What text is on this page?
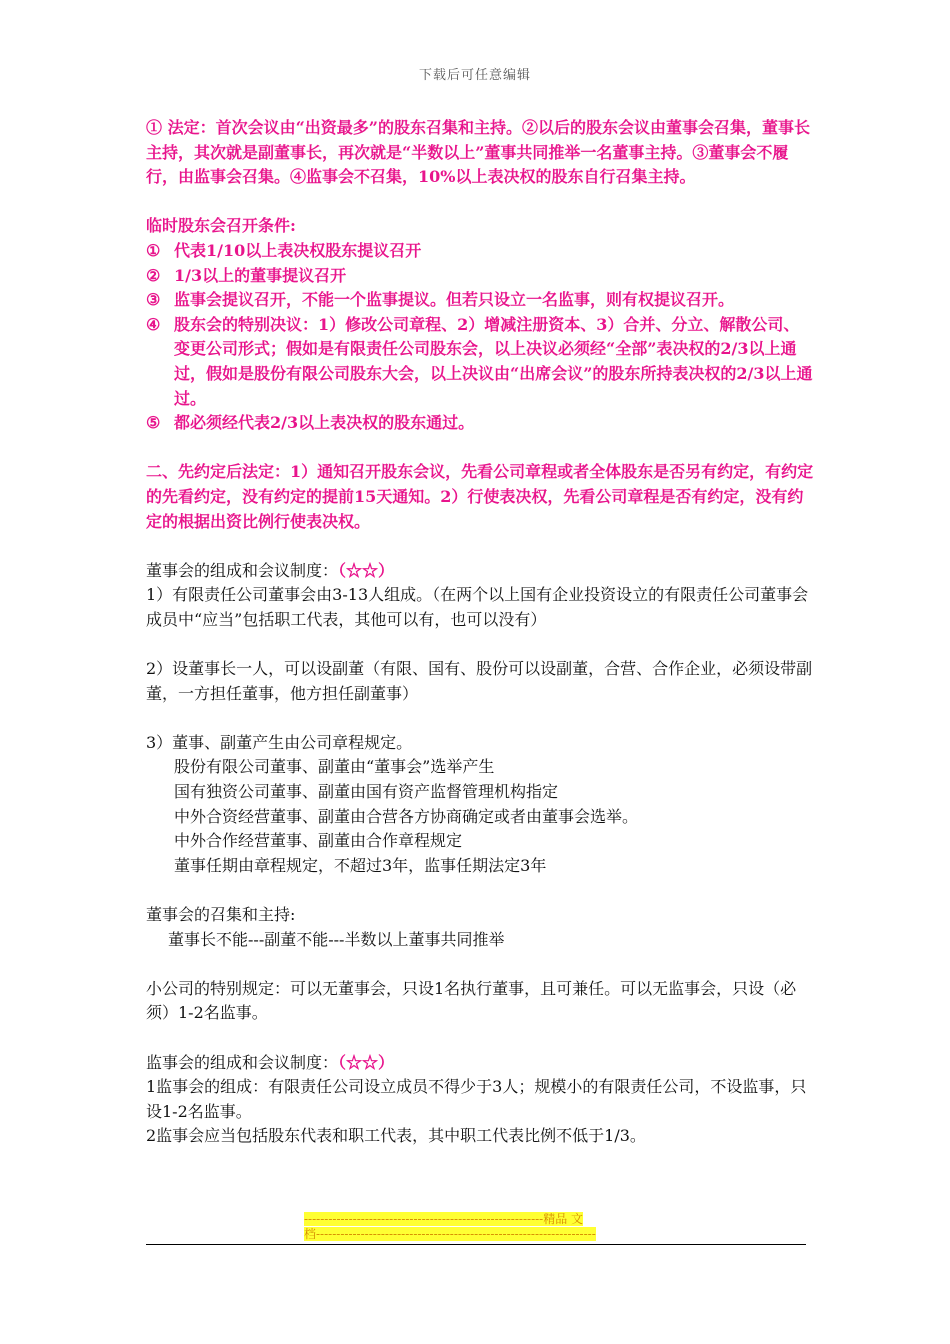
下载后可任意编辑

① 法定：首次会议由“出资最多”的股东召集和主持。②以后的股东会议由董事会召集，董事长主持，其次就是副董事长，再次就是“半数以上”董事共同推举一名董事主持。③董事会不履行，由监事会召集。④监事会不召集，10%以上表决权的股东自行召集主持。

临时股东会召开条件:

① 代表1/10以上表决权股东提议召开
② 1/3以上的董事提议召开
③ 监事会提议召开，不能一个监事提议。但若只设立一名监事，则有权提议召开。
④ 股东会的特别决议：1）修改公司章程、2）增减注册资本、3）合并、分立、解散公司、变更公司形式；假如是有限责任公司股东会，以上决议必须经“全部”表决权的2/3以上通过，假如是股份有限公司股东大会，以上决议由“出席会议”的股东所持表决权的2/3以上通过。
⑤ 都必须经代表2/3以上表决权的股东通过。

二、先约定后法定：1）通知召开股东会议，先看公司章程或者全体股东是否另有约定，有约定的先看约定，没有约定的提前15天通知。2）行使表决权，先看公司章程是否有约定，没有约定的根据出资比例行使表决权。

董事会的组成和会议制度：（☆☆）

1）有限责任公司董事会由3-13人组成。（在两个以上国有企业投资设立的有限责任公司董事会成员中“应当”包括职工代表，其他可以有，也可以没有）

2）设董事长一人，可以设副董（有限、国有、股份可以设副董，合营、合作企业，必须设带副董，一方担任董事，他方担任副董事）

3）董事、副董产生由公司章程规定。

股份有限公司董事、副董由“董事会”选举产生

国有独资公司董事、副董由国有资产监督管理机构指定

中外合资经营董事、副董由合营各方协商确定或者由董事会选举。

中外合作经营董事、副董由合作章程规定

董事任期由章程规定，不超过3年，监事任期法定3年

董事会的召集和主持:

董事长不能---副董不能---半数以上董事共同推举

小公司的特别规定：可以无董事会，只设1名执行董事，且可兼任。可以无监事会，只设（必须）1-2名监事。

监事会的组成和会议制度：（☆☆）

1监事会的组成：有限责任公司设立成员不得少于3人；规模小的有限责任公司，不设监事，只设1-2名监事。

2监事会应当包括股东代表和职工代表，其中职工代表比例不低于1/3。

-----------------------------------------------------------精品 文
档---------------------------------------------------------------------
